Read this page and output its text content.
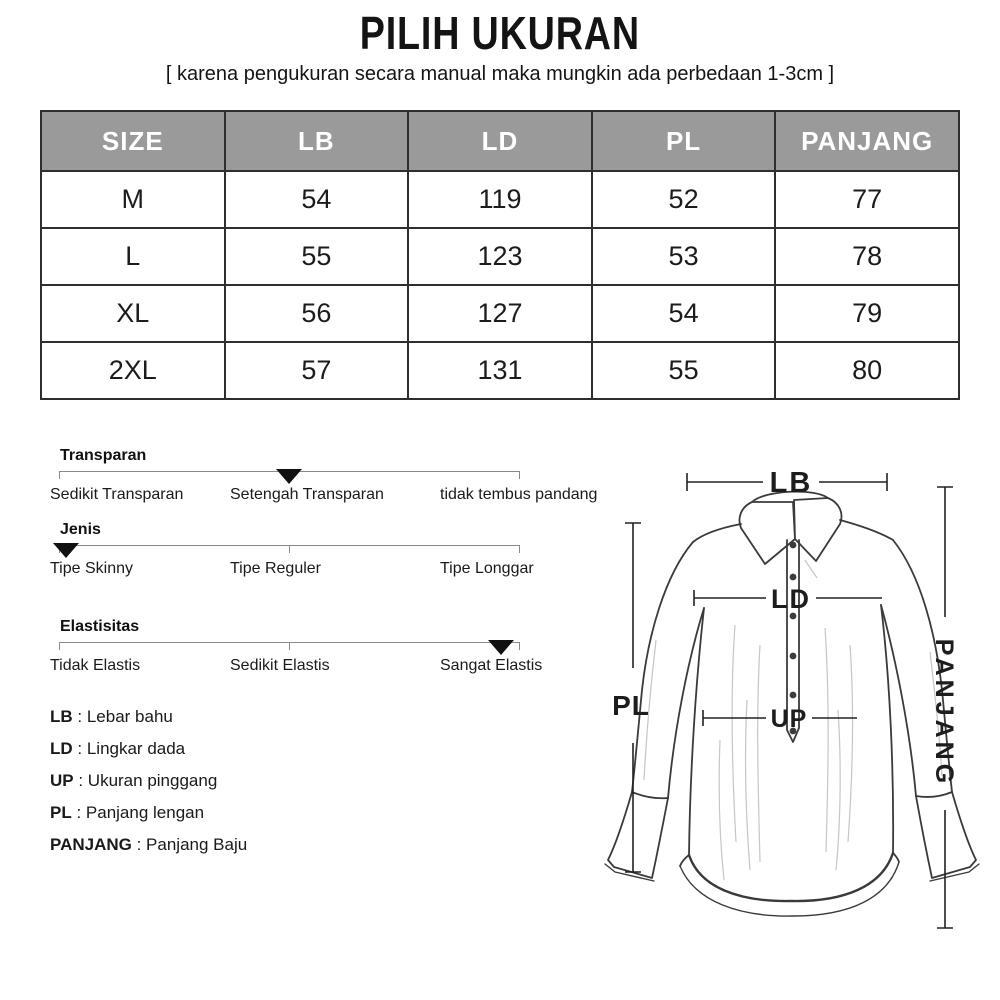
PILIH UKURAN
[ karena pengukuran secara manual maka mungkin ada perbedaan 1-3cm ]
SIZE	LB	LD	PL	PANJANG
M	54	119	52	77
L	55	123	53	78
XL	56	127	54	79
2XL	57	131	55	80
Transparan
Sedikit Transparan	Setengah Transparan	tidak tembus pandang
Jenis
Tipe Skinny	Tipe Reguler	Tipe Longgar
Elastisitas
Tidak Elastis	Sedikit Elastis	Sangat Elastis
LB : Lebar bahu
LD : Lingkar dada
UP : Ukuran pinggang
PL : Panjang lengan
PANJANG : Panjang Baju
LB
LD
UP
PL	PANJANG
